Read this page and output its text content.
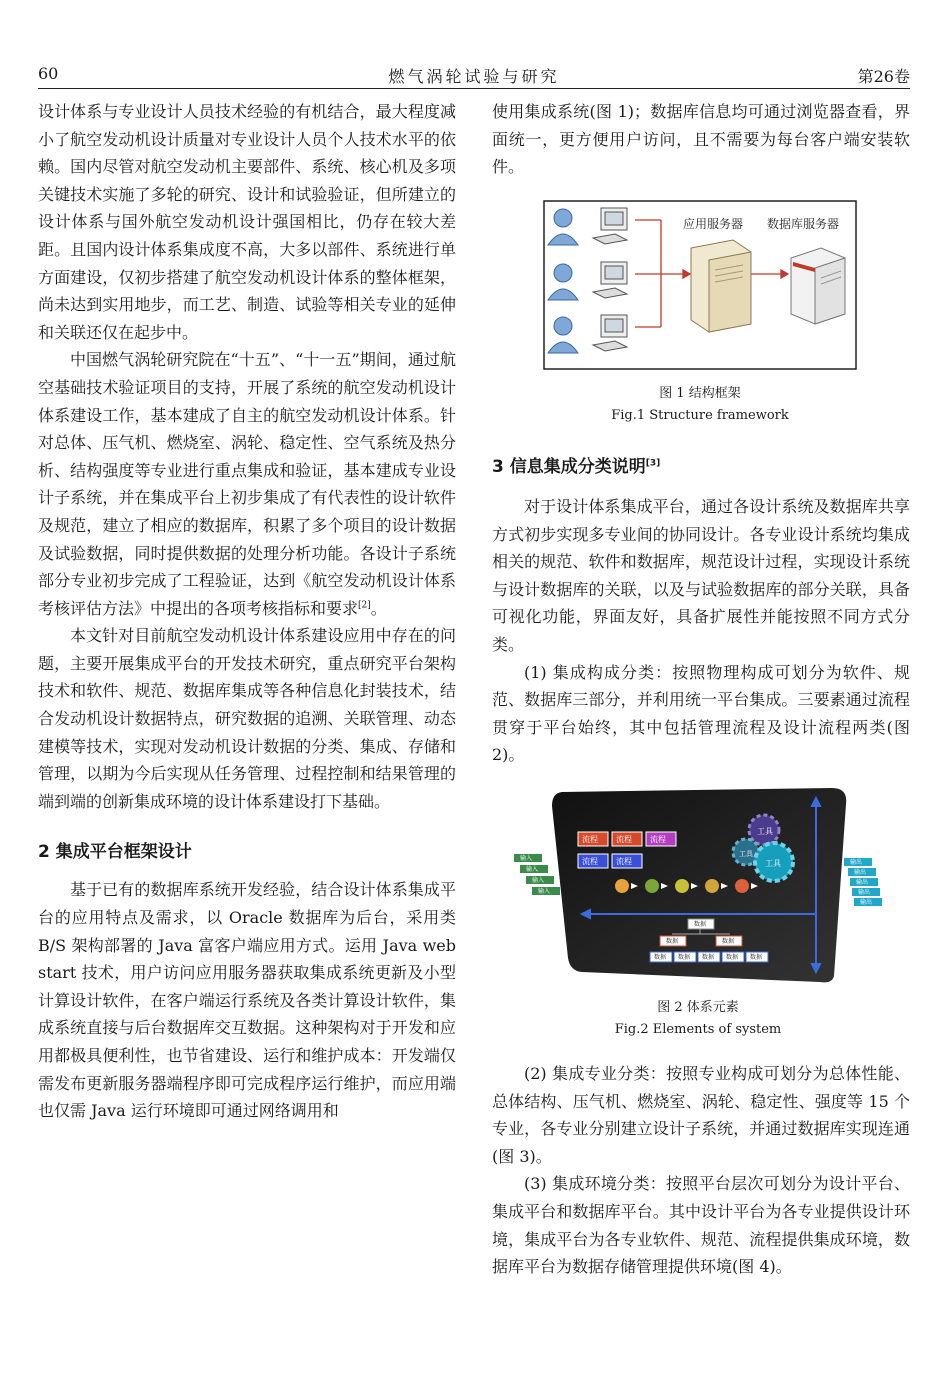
60	燃气涡轮试验与研究	第26卷

设计体系与专业设计人员技术经验的有机结合，最大程度减小了航空发动机设计质量对专业设计人员个人技术水平的依赖。国内尽管对航空发动机主要部件、系统、核心机及多项关键技术实施了多轮的研究、设计和试验验证，但所建立的设计体系与国外航空发动机设计强国相比，仍存在较大差距。且国内设计体系集成度不高，大多以部件、系统进行单方面建设，仅初步搭建了航空发动机设计体系的整体框架，尚未达到实用地步，而工艺、制造、试验等相关专业的延伸和关联还仅在起步中。

中国燃气涡轮研究院在“十五”、“十一五”期间，通过航空基础技术验证项目的支持，开展了系统的航空发动机设计体系建设工作，基本建成了自主的航空发动机设计体系。针对总体、压气机、燃烧室、涡轮、稳定性、空气系统及热分析、结构强度等专业进行重点集成和验证，基本建成专业设计子系统，并在集成平台上初步集成了有代表性的设计软件及规范，建立了相应的数据库，积累了多个项目的设计数据及试验数据，同时提供数据的处理分析功能。各设计子系统部分专业初步完成了工程验证，达到《航空发动机设计体系考核评估方法》中提出的各项考核指标和要求[2]。

本文针对目前航空发动机设计体系建设应用中存在的问题，主要开展集成平台的开发技术研究，重点研究平台架构技术和软件、规范、数据库集成等各种信息化封装技术，结合发动机设计数据特点，研究数据的追溯、关联管理、动态建模等技术，实现对发动机设计数据的分类、集成、存储和管理，以期为今后实现从任务管理、过程控制和结果管理的端到端的创新集成环境的设计体系建设打下基础。

2 集成平台框架设计

基于已有的数据库系统开发经验，结合设计体系集成平台的应用特点及需求，以 Oracle 数据库为后台，采用类 B/S 架构部署的 Java 富客户端应用方式。运用 Java web start 技术，用户访问应用服务器获取集成系统更新及小型计算设计软件，在客户端运行系统及各类计算设计软件，集成系统直接与后台数据库交互数据。这种架构对于开发和应用都极具便利性，也节省建设、运行和维护成本：开发端仅需发布更新服务器端程序即可完成程序运行维护，而应用端也仅需 Java 运行环境即可通过网络调用和

使用集成系统(图 1)；数据库信息均可通过浏览器查看，界面统一，更方便用户访问，且不需要为每台客户端安装软件。

应用服务器 数据库服务器

图 1 结构框架

Fig.1 Structure framework

3 信息集成分类说明[3]

对于设计体系集成平台，通过各设计系统及数据库共享方式初步实现多专业间的协同设计。各专业设计系统均集成相关的规范、软件和数据库，规范设计过程，实现设计系统与设计数据库的关联，以及与试验数据库的部分关联，具备可视化功能，界面友好，具备扩展性并能按照不同方式分类。

(1) 集成构成分类：按照物理构成可划分为软件、规范、数据库三部分，并利用统一平台集成。三要素通过流程贯穿于平台始终，其中包括管理流程及设计流程两类(图 2)。

流程 流程 流程
流程 流程
工具
工具
工具
输入
输入
输入
输入
输出
输出
输出
输出
输出
数据
数据	数据
数据 数据 数据 数据 数据

图 2 体系元素

Fig.2 Elements of system

(2) 集成专业分类：按照专业构成可划分为总体性能、总体结构、压气机、燃烧室、涡轮、稳定性、强度等 15 个专业，各专业分别建立设计子系统，并通过数据库实现连通(图 3)。

(3) 集成环境分类：按照平台层次可划分为设计平台、集成平台和数据库平台。其中设计平台为各专业提供设计环境，集成平台为各专业软件、规范、流程提供集成环境，数据库平台为数据存储管理提供环境(图 4)。
